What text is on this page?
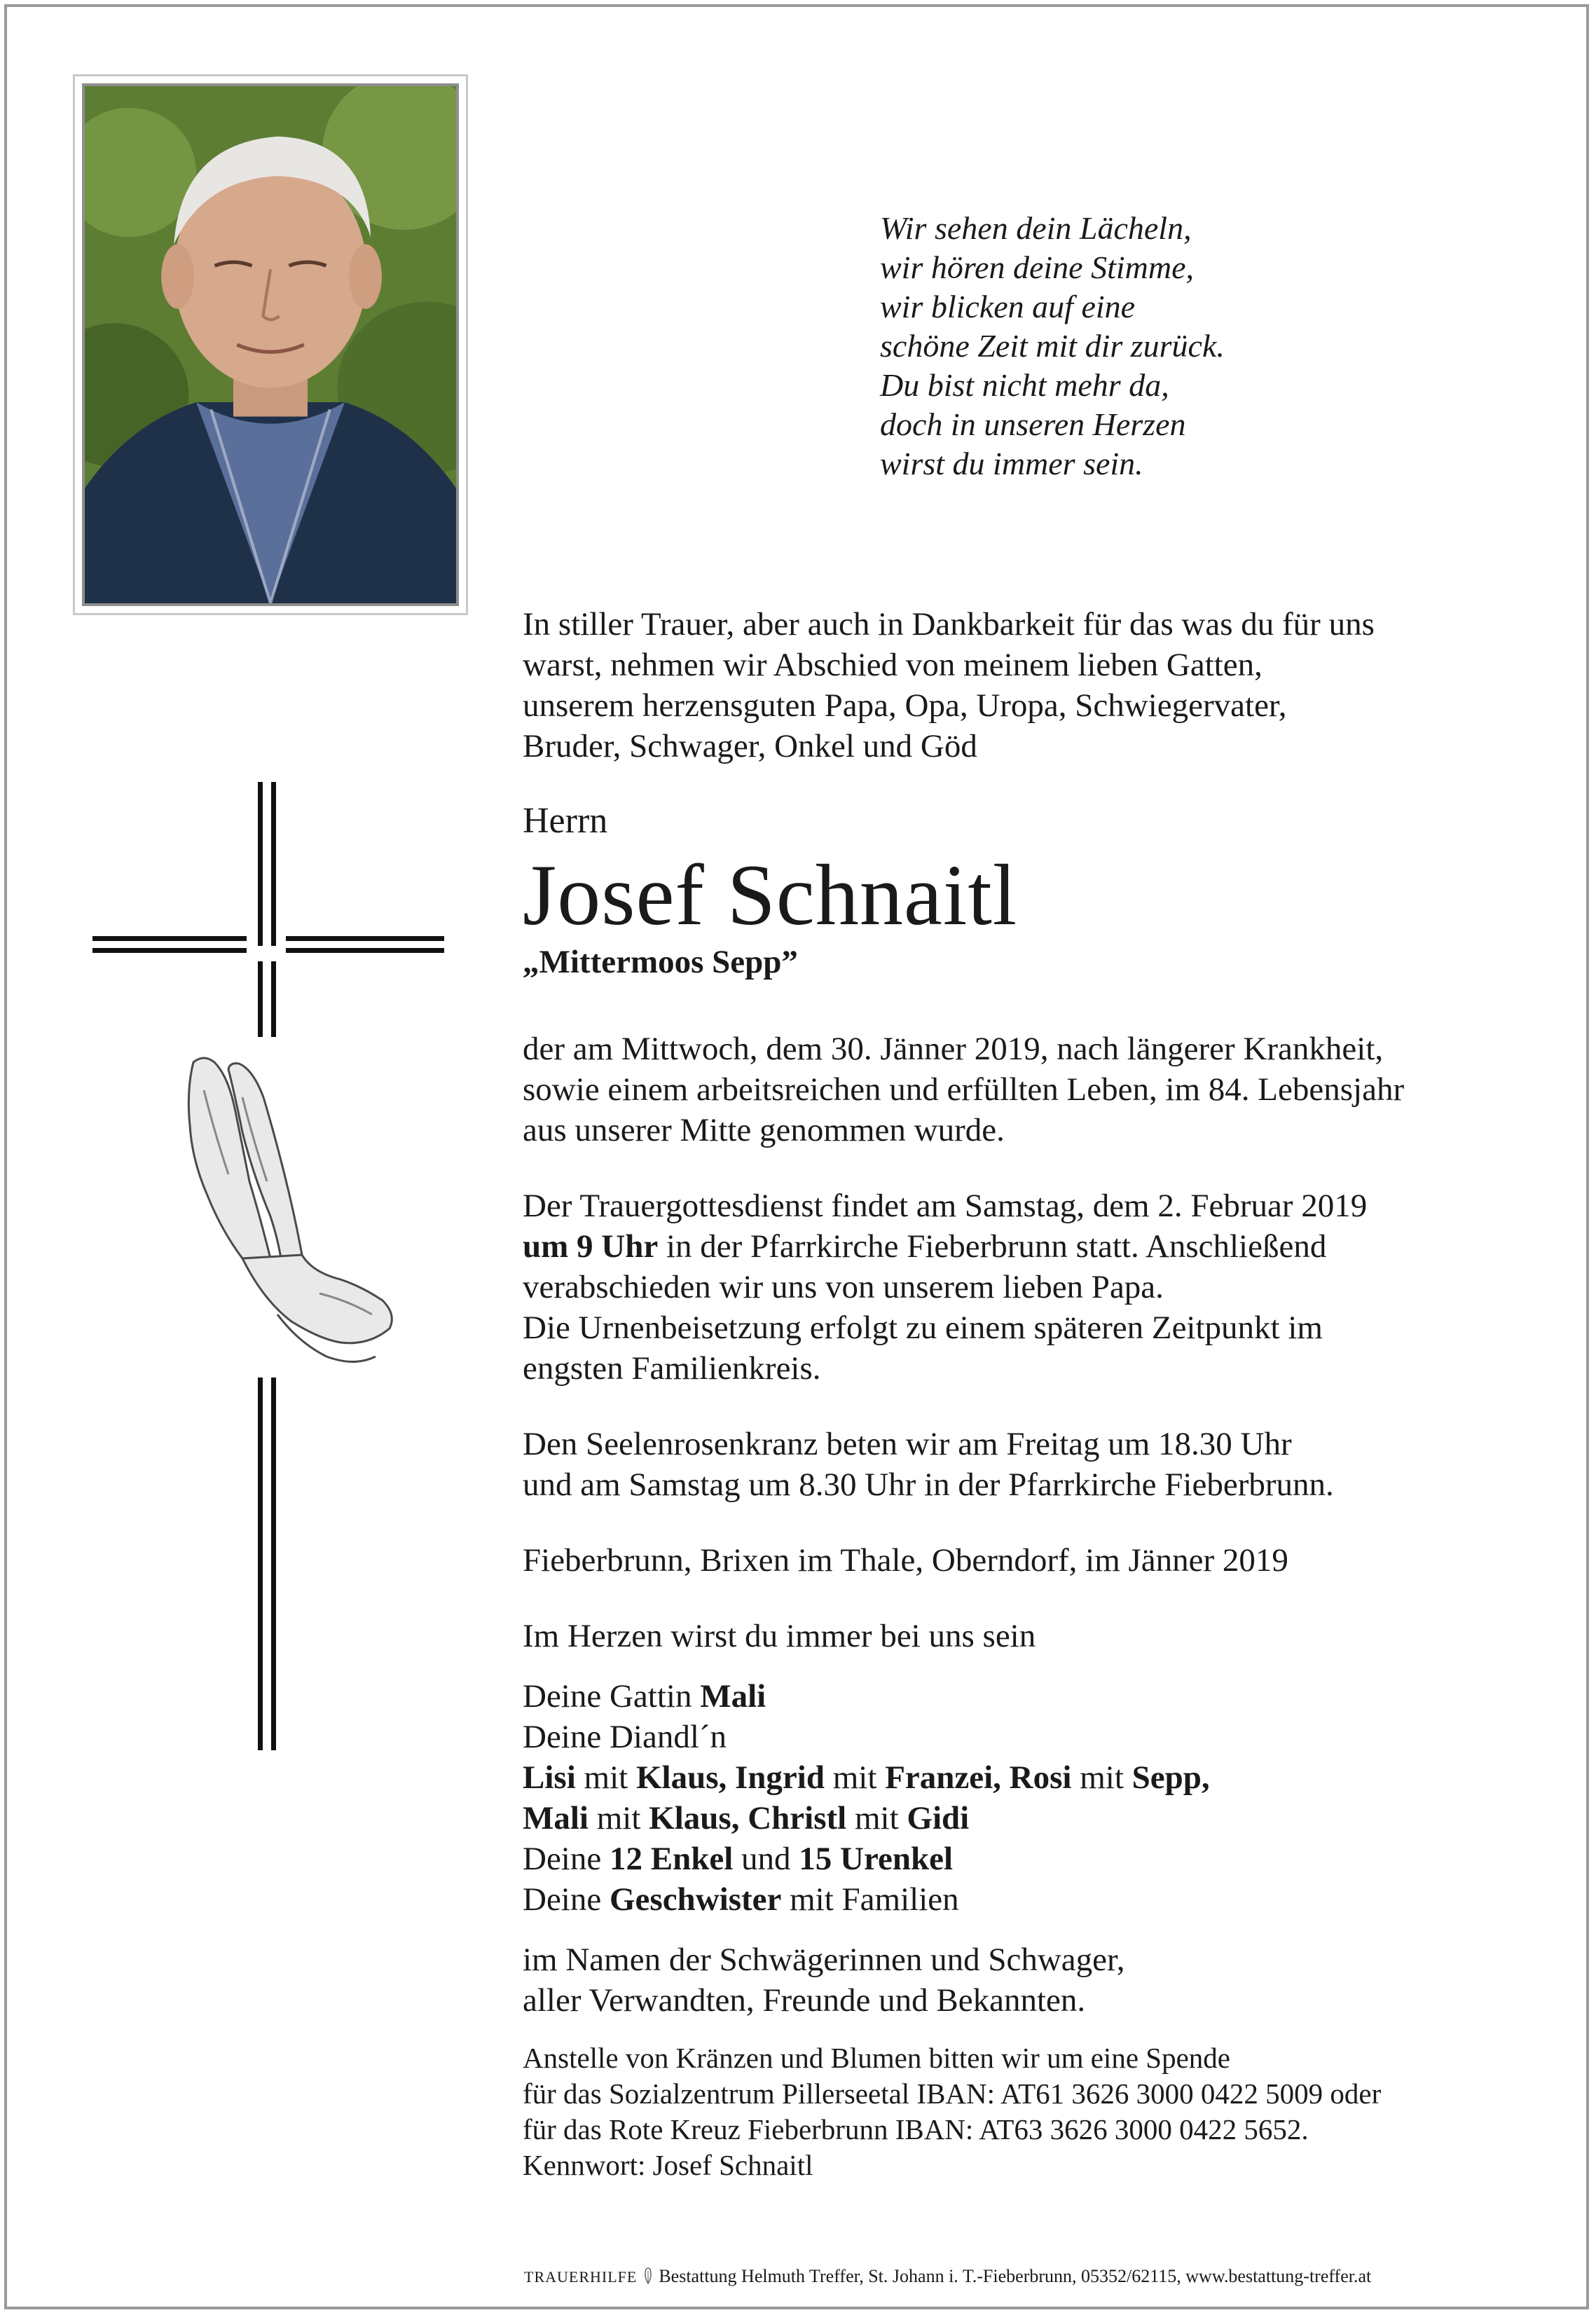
Wir sehen dein Lächeln,
wir hören deine Stimme,
wir blicken auf eine
schöne Zeit mit dir zurück.
Du bist nicht mehr da,
doch in unseren Herzen
wirst du immer sein.
In stiller Trauer, aber auch in Dankbarkeit für das was du für uns
warst, nehmen wir Abschied von meinem lieben Gatten,
unserem herzensguten Papa, Opa, Uropa, Schwiegervater,
Bruder, Schwager, Onkel und Göd
Herrn
Josef Schnaitl
„Mittermoos Sepp”
der am Mittwoch, dem 30. Jänner 2019, nach längerer Krankheit,
sowie einem arbeitsreichen und erfüllten Leben, im 84. Lebensjahr
aus unserer Mitte genommen wurde.
Der Trauergottesdienst findet am Samstag, dem 2. Februar 2019
um 9 Uhr in der Pfarrkirche Fieberbrunn statt. Anschließend
verabschieden wir uns von unserem lieben Papa.
Die Urnenbeisetzung erfolgt zu einem späteren Zeitpunkt im
engsten Familienkreis.
Den Seelenrosenkranz beten wir am Freitag um 18.30 Uhr
und am Samstag um 8.30 Uhr in der Pfarrkirche Fieberbrunn.
Fieberbrunn, Brixen im Thale, Oberndorf, im Jänner 2019
Im Herzen wirst du immer bei uns sein
Deine Gattin Mali
Deine Diandl´n
Lisi mit Klaus, Ingrid mit Franzei, Rosi mit Sepp,
Mali mit Klaus, Christl mit Gidi
Deine 12 Enkel und 15 Urenkel
Deine Geschwister mit Familien
im Namen der Schwägerinnen und Schwager,
aller Verwandten, Freunde und Bekannten.
Anstelle von Kränzen und Blumen bitten wir um eine Spende
für das Sozialzentrum Pillerseetal IBAN: AT61 3626 3000 0422 5009 oder
für das Rote Kreuz Fieberbrunn IBAN: AT63 3626 3000 0422 5652.
Kennwort: Josef Schnaitl
TRAUERHILFE Bestattung Helmuth Treffer, St. Johann i. T.-Fieberbrunn, 05352/62115, www.bestattung-treffer.at
